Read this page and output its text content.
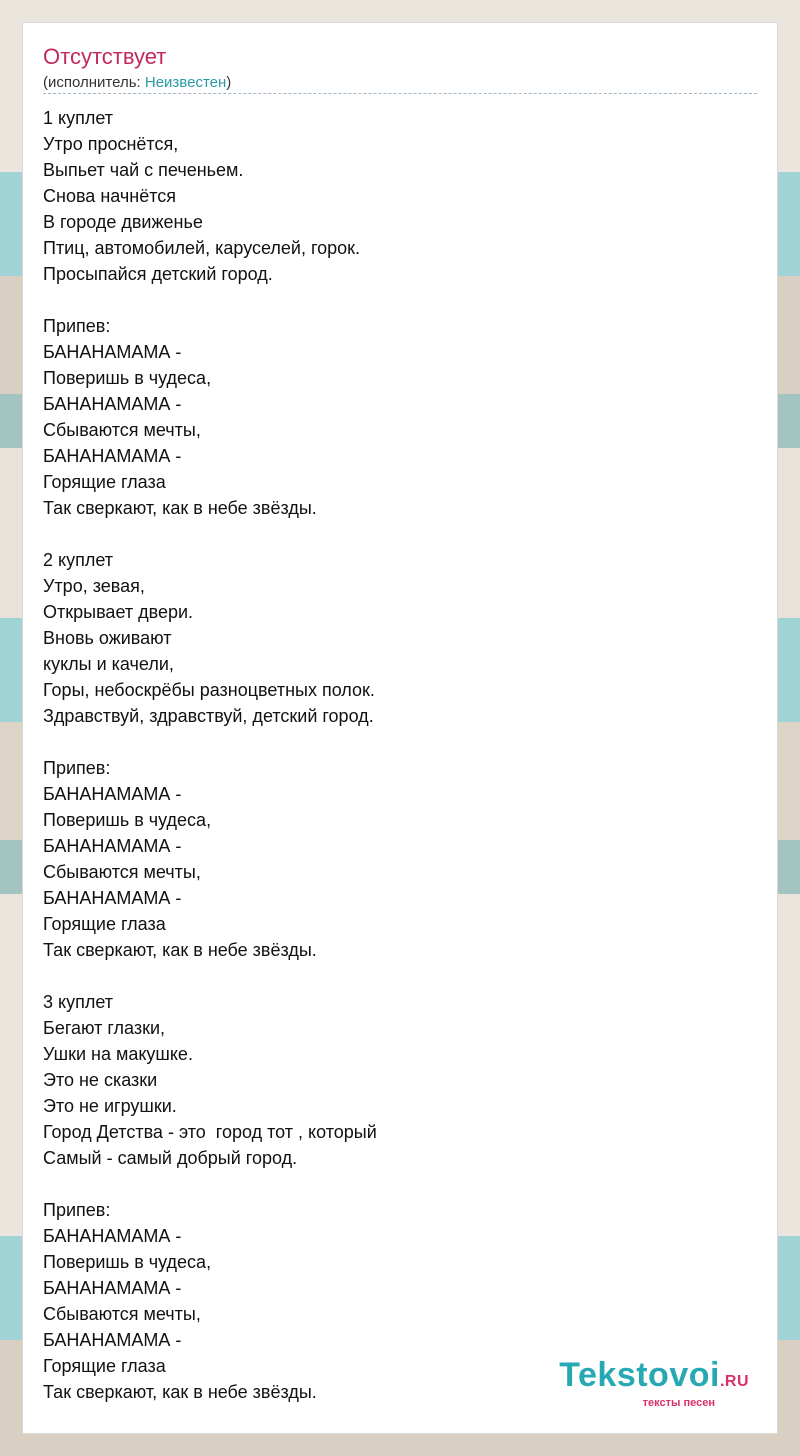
Отсутствует
(исполнитель: Неизвестен)
1 куплет
Утро проснётся,
Выпьет чай с печеньем.
Снова начнётся
В городе движенье
Птиц, автомобилей, каруселей, горок.
Просыпайся детский город.
Припев:
БАНАНАМАМА -
Поверишь в чудеса,
БАНАНАМАМА -
Сбываются мечты,
БАНАНАМАМА -
Горящие глаза
Так сверкают, как в небе звёзды.
2 куплет
Утро, зевая,
Открывает двери.
Вновь оживают
куклы и качели,
Горы, небоскрёбы разноцветных полок.
Здравствуй, здравствуй, детский город.
Припев:
БАНАНАМАМА -
Поверишь в чудеса,
БАНАНАМАМА -
Сбываются мечты,
БАНАНАМАМА -
Горящие глаза
Так сверкают, как в небе звёзды.
3 куплет
Бегают глазки,
Ушки на макушке.
Это не сказки
Это не игрушки.
Город Детства - это  город тот , который
Самый - самый добрый город.
Припев:
БАНАНАМАМА -
Поверишь в чудеса,
БАНАНАМАМА -
Сбываются мечты,
БАНАНАМАМА -
Горящие глаза
Так сверкают, как в небе звёзды.	Tekstovoi.RU
тексты песен
